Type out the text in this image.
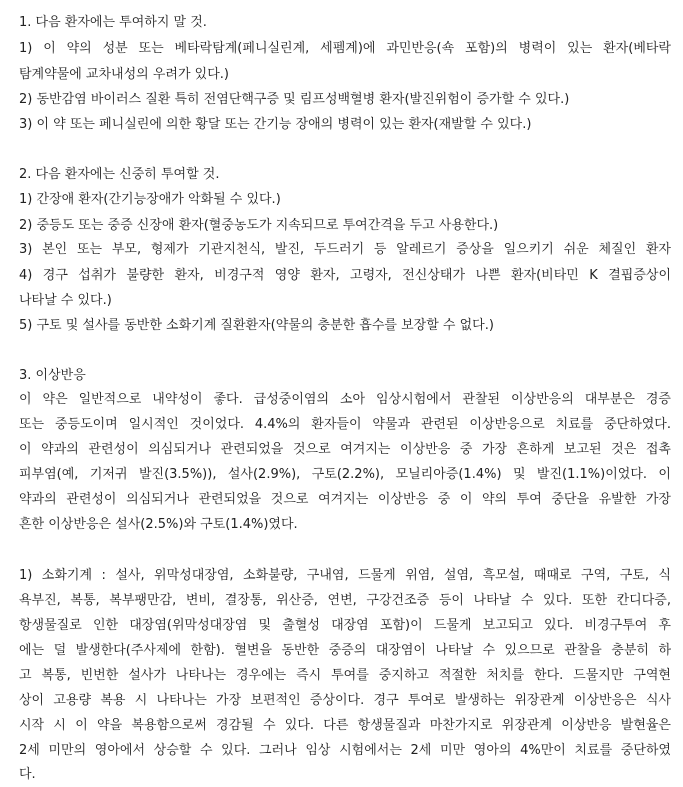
1. 다음 환자에는 투여하지 말 것.
1) 이 약의 성분 또는 베타락탐계(페니실린계, 세펨계)에 과민반응(쇽 포함)의 병력이 있는 환자(베타락
탐계약물에 교차내성의 우려가 있다.)
2) 동반감염 바이러스 질환 특히 전염단핵구증 및 림프성백혈병 환자(발진위험이 증가할 수 있다.)
3) 이 약 또는 페니실린에 의한 황달 또는 간기능 장애의 병력이 있는 환자(재발할 수 있다.)
2. 다음 환자에는 신중히 투여할 것.
1) 간장애 환자(간기능장애가 악화될 수 있다.)
2) 중등도 또는 중증 신장애 환자(혈중농도가 지속되므로 투여간격을 두고 사용한다.)
3) 본인 또는 부모, 형제가 기관지천식, 발진, 두드러기 등 알레르기 증상을 일으키기 쉬운 체질인 환자
4) 경구 섭취가 불량한 환자, 비경구적 영양 환자, 고령자, 전신상태가 나쁜 환자(비타민 K 결핍증상이
나타날 수 있다.)
5) 구토 및 설사를 동반한 소화기계 질환환자(약물의 충분한 흡수를 보장할 수 없다.)
3. 이상반응
이 약은 일반적으로 내약성이 좋다. 급성중이염의 소아 임상시험에서 관찰된 이상반응의 대부분은 경증
또는 중등도이며 일시적인 것이었다. 4.4%의 환자들이 약물과 관련된 이상반응으로 치료를 중단하였다.
이 약과의 관련성이 의심되거나 관련되었을 것으로 여겨지는 이상반응 중 가장 흔하게 보고된 것은 접촉
피부염(예, 기저귀 발진(3.5%)), 설사(2.9%), 구토(2.2%), 모닐리아증(1.4%) 및 발진(1.1%)이었다. 이
약과의 관련성이 의심되거나 관련되었을 것으로 여겨지는 이상반응 중 이 약의 투여 중단을 유발한 가장
흔한 이상반응은 설사(2.5%)와 구토(1.4%)였다.
1) 소화기계 : 설사, 위막성대장염, 소화불량, 구내염, 드물게 위염, 설염, 흑모설, 때때로 구역, 구토, 식
욕부진, 복통, 복부팽만감, 변비, 결장통, 위산증, 연변, 구강건조증 등이 나타날 수 있다. 또한 칸디다증,
항생물질로 인한 대장염(위막성대장염 및 출혈성 대장염 포함)이 드물게 보고되고 있다. 비경구투여 후
에는 덜 발생한다(주사제에 한함). 혈변을 동반한 중증의 대장염이 나타날 수 있으므로 관찰을 충분히 하
고 복통, 빈번한 설사가 나타나는 경우에는 즉시 투여를 중지하고 적절한 처치를 한다. 드물지만 구역현
상이 고용량 복용 시 나타나는 가장 보편적인 증상이다. 경구 투여로 발생하는 위장관계 이상반응은 식사
시작 시 이 약을 복용함으로써 경감될 수 있다. 다른 항생물질과 마찬가지로 위장관계 이상반응 발현율은
2세 미만의 영아에서 상승할 수 있다. 그러나 임상 시험에서는 2세 미만 영아의 4%만이 치료를 중단하였
다.
